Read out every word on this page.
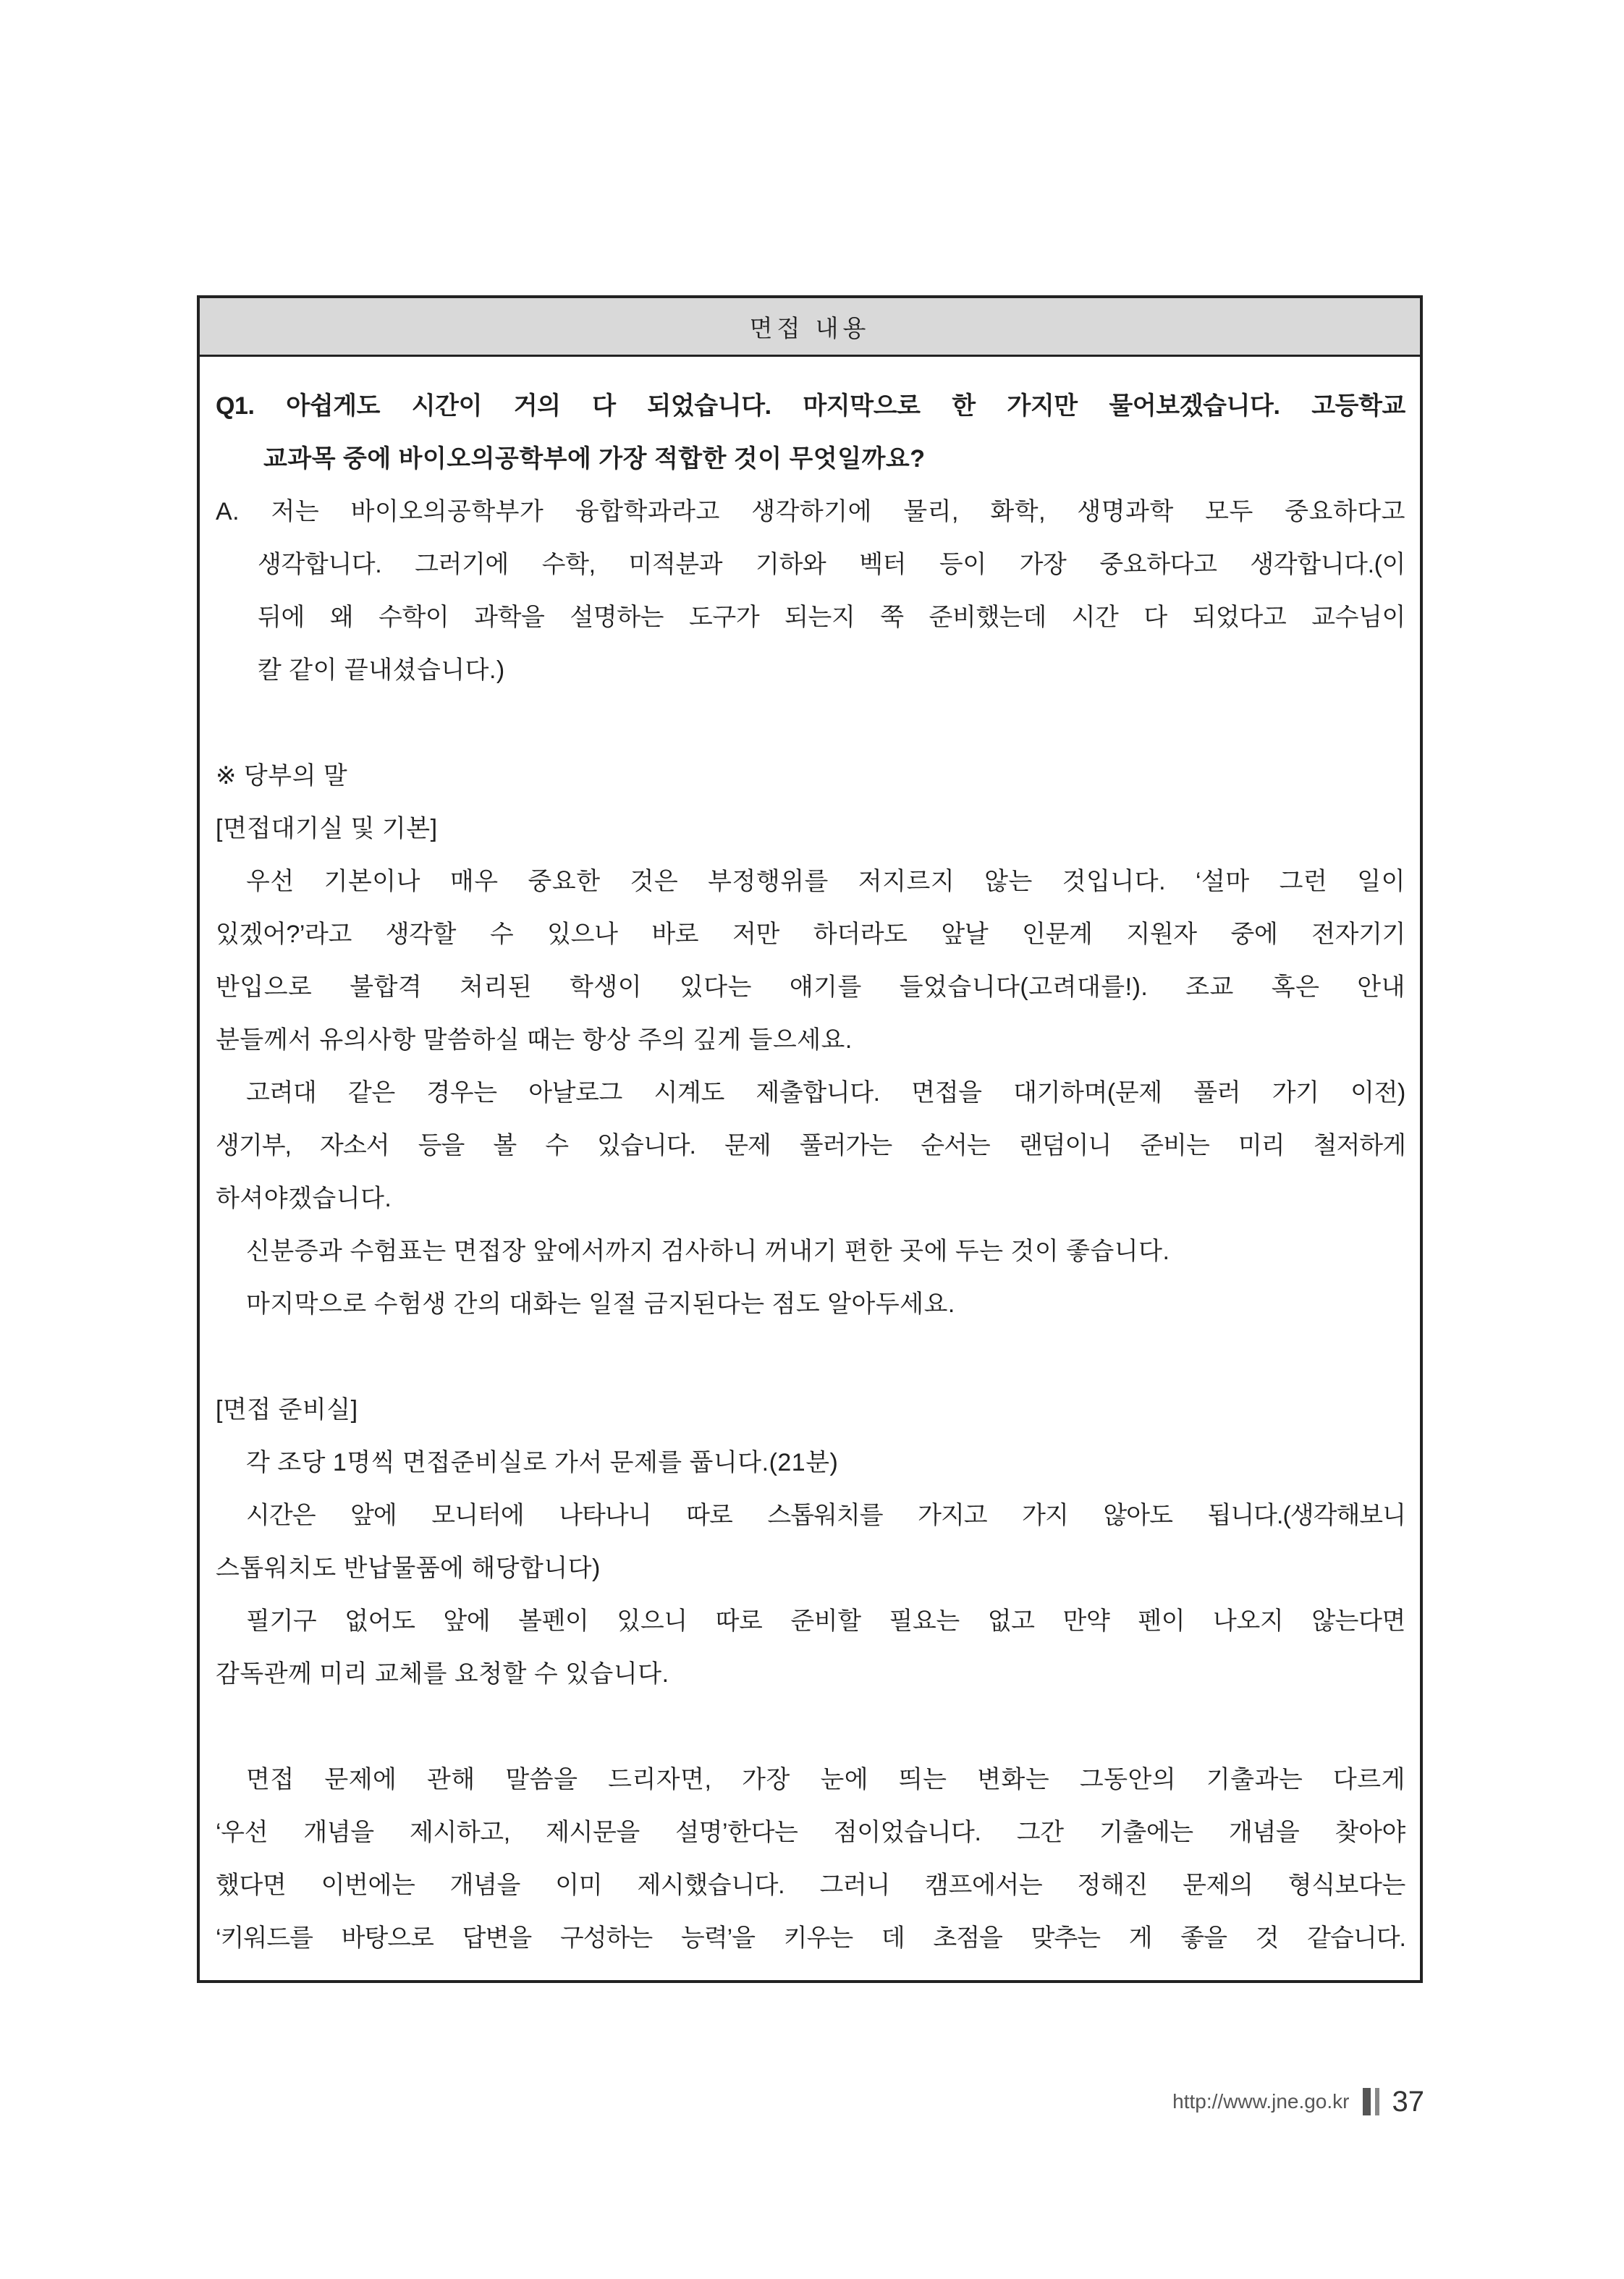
면접 내용
Q1. 아쉽게도 시간이 거의 다 되었습니다. 마지막으로 한 가지만 물어보겠습니다. 고등학교
교과목 중에 바이오의공학부에 가장 적합한 것이 무엇일까요?
A. 저는 바이오의공학부가 융합학과라고 생각하기에 물리, 화학, 생명과학 모두 중요하다고
생각합니다. 그러기에 수학, 미적분과 기하와 벡터 등이 가장 중요하다고 생각합니다.(이
뒤에 왜 수학이 과학을 설명하는 도구가 되는지 쭉 준비했는데 시간 다 되었다고 교수님이
칼 같이 끝내셨습니다.)
※ 당부의 말
[면접대기실 및 기본]
우선 기본이나 매우 중요한 것은 부정행위를 저지르지 않는 것입니다. ‘설마 그런 일이
있겠어?’라고 생각할 수 있으나 바로 저만 하더라도 앞날 인문계 지원자 중에 전자기기
반입으로 불합격 처리된 학생이 있다는 얘기를 들었습니다(고려대를!). 조교 혹은 안내
분들께서 유의사항 말씀하실 때는 항상 주의 깊게 들으세요.
고려대 같은 경우는 아날로그 시계도 제출합니다. 면접을 대기하며(문제 풀러 가기 이전)
생기부, 자소서 등을 볼 수 있습니다. 문제 풀러가는 순서는 랜덤이니 준비는 미리 철저하게
하셔야겠습니다.
신분증과 수험표는 면접장 앞에서까지 검사하니 꺼내기 편한 곳에 두는 것이 좋습니다.
마지막으로 수험생 간의 대화는 일절 금지된다는 점도 알아두세요.
[면접 준비실]
각 조당 1명씩 면접준비실로 가서 문제를 풉니다.(21분)
시간은 앞에 모니터에 나타나니 따로 스톱워치를 가지고 가지 않아도 됩니다.(생각해보니
스톱워치도 반납물품에 해당합니다)
필기구 없어도 앞에 볼펜이 있으니 따로 준비할 필요는 없고 만약 펜이 나오지 않는다면
감독관께 미리 교체를 요청할 수 있습니다.
면접 문제에 관해 말씀을 드리자면, 가장 눈에 띄는 변화는 그동안의 기출과는 다르게
‘우선 개념을 제시하고, 제시문을 설명’한다는 점이었습니다. 그간 기출에는 개념을 찾아야
했다면 이번에는 개념을 이미 제시했습니다. 그러니 캠프에서는 정해진 문제의 형식보다는
‘키워드를 바탕으로 답변을 구성하는 능력’을 키우는 데 초점을 맞추는 게 좋을 것 같습니다.
http://www.jne.go.kr 37
